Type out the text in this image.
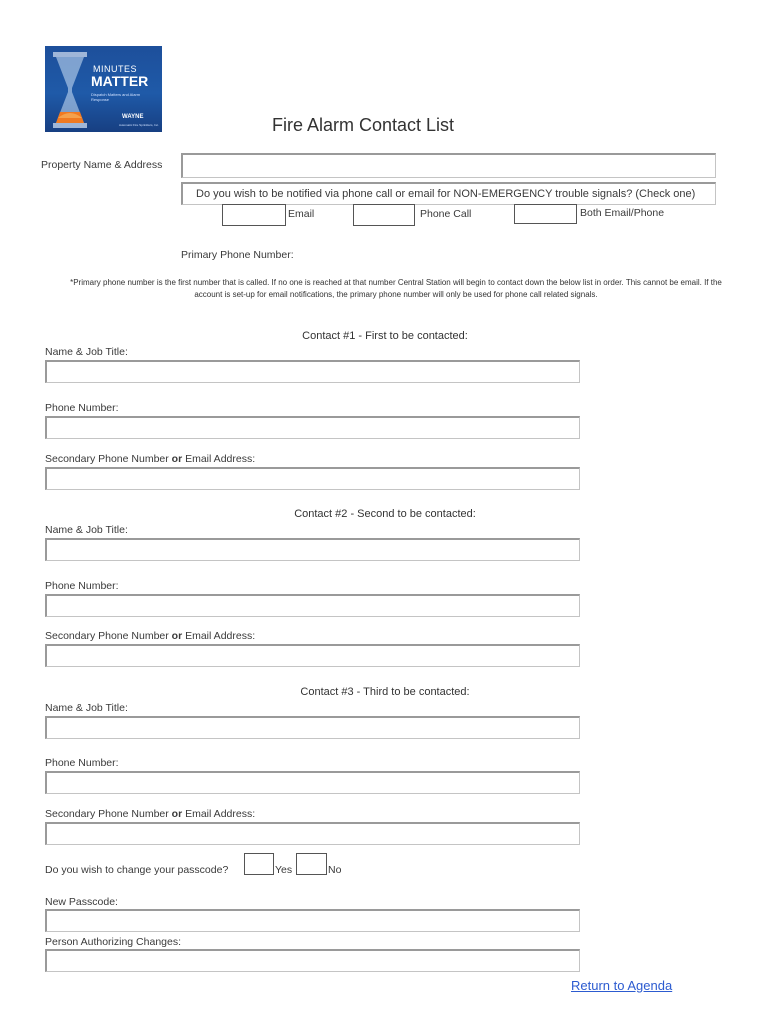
MINUTES
MATTER
Dispatch Matters and Alarm Response
WAYNE
Automatic Fire Sprinklers, Inc.	Fire Alarm Contact List
Property Name & Address
Do you wish to be notified via phone call or email for NON-EMERGENCY trouble signals? (Check one)
Email	Phone Call	Both Email/Phone
Primary Phone Number:
*Primary phone number is the first number that is called. If no one is reached at that number Central Station will begin to contact down the below list in order. This cannot be email. If the account is set-up for email notifications, the primary phone number will only be used for phone call related signals.
Contact #1 - First to be contacted:
Name & Job Title:
Phone Number:
Secondary Phone Number or Email Address:
Contact #2 - Second to be contacted:
Name & Job Title:
Phone Number:
Secondary Phone Number or Email Address:
Contact #3 - Third to be contacted:
Name & Job Title:
Phone Number:
Secondary Phone Number or Email Address:
Do you wish to change your passcode?	Yes	No
New Passcode:
Person Authorizing Changes:
Return to Agenda
